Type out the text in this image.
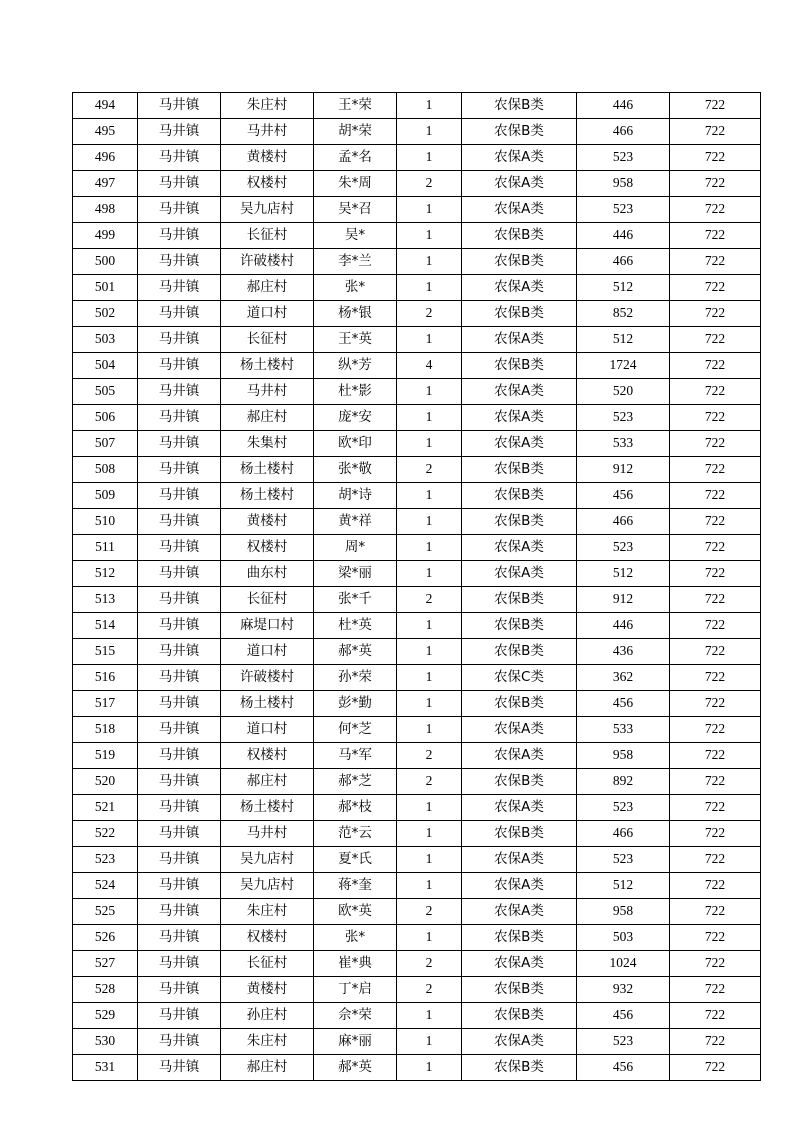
494	马井镇	朱庄村	王*荣	1	农保B类	446	722
495	马井镇	马井村	胡*荣	1	农保B类	466	722
496	马井镇	黄楼村	孟*名	1	农保A类	523	722
497	马井镇	权楼村	朱*周	2	农保A类	958	722
498	马井镇	吴九店村	吴*召	1	农保A类	523	722
499	马井镇	长征村	吴*	1	农保B类	446	722
500	马井镇	许破楼村	李*兰	1	农保B类	466	722
501	马井镇	郝庄村	张*	1	农保A类	512	722
502	马井镇	道口村	杨*银	2	农保B类	852	722
503	马井镇	长征村	王*英	1	农保A类	512	722
504	马井镇	杨土楼村	纵*芳	4	农保B类	1724	722
505	马井镇	马井村	杜*影	1	农保A类	520	722
506	马井镇	郝庄村	庞*安	1	农保A类	523	722
507	马井镇	朱集村	欧*印	1	农保A类	533	722
508	马井镇	杨土楼村	张*敬	2	农保B类	912	722
509	马井镇	杨土楼村	胡*诗	1	农保B类	456	722
510	马井镇	黄楼村	黄*祥	1	农保B类	466	722
511	马井镇	权楼村	周*	1	农保A类	523	722
512	马井镇	曲东村	梁*丽	1	农保A类	512	722
513	马井镇	长征村	张*千	2	农保B类	912	722
514	马井镇	麻堤口村	杜*英	1	农保B类	446	722
515	马井镇	道口村	郝*英	1	农保B类	436	722
516	马井镇	许破楼村	孙*荣	1	农保C类	362	722
517	马井镇	杨土楼村	彭*勤	1	农保B类	456	722
518	马井镇	道口村	何*芝	1	农保A类	533	722
519	马井镇	权楼村	马*军	2	农保A类	958	722
520	马井镇	郝庄村	郝*芝	2	农保B类	892	722
521	马井镇	杨土楼村	郝*枝	1	农保A类	523	722
522	马井镇	马井村	范*云	1	农保B类	466	722
523	马井镇	吴九店村	夏*氏	1	农保A类	523	722
524	马井镇	吴九店村	蒋*奎	1	农保A类	512	722
525	马井镇	朱庄村	欧*英	2	农保A类	958	722
526	马井镇	权楼村	张*	1	农保B类	503	722
527	马井镇	长征村	崔*典	2	农保A类	1024	722
528	马井镇	黄楼村	丁*启	2	农保B类	932	722
529	马井镇	孙庄村	佘*荣	1	农保B类	456	722
530	马井镇	朱庄村	麻*丽	1	农保A类	523	722
531	马井镇	郝庄村	郝*英	1	农保B类	456	722
